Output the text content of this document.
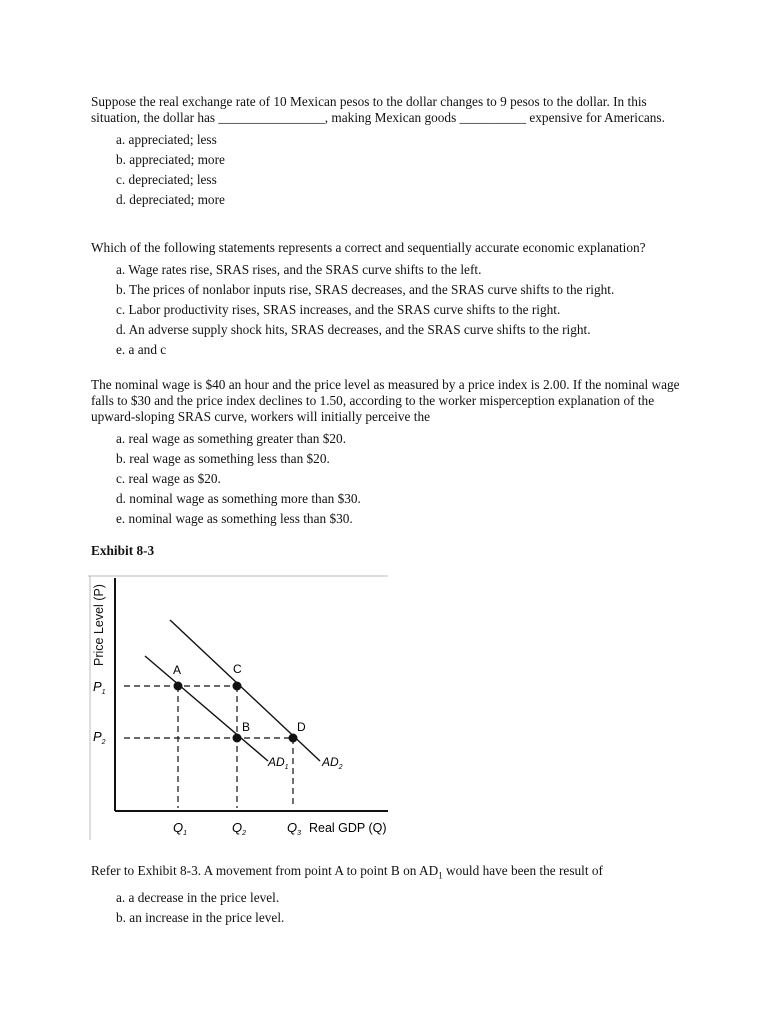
Suppose the real exchange rate of 10 Mexican pesos to the dollar changes to 9 pesos to the dollar. In this situation, the dollar has ________________, making Mexican goods __________ expensive for Americans.

a. appreciated; less
b. appreciated; more
c. depreciated; less
d. depreciated; more

Which of the following statements represents a correct and sequentially accurate economic explanation?

a. Wage rates rise, SRAS rises, and the SRAS curve shifts to the left.
b. The prices of nonlabor inputs rise, SRAS decreases, and the SRAS curve shifts to the right.
c. Labor productivity rises, SRAS increases, and the SRAS curve shifts to the right.
d. An adverse supply shock hits, SRAS decreases, and the SRAS curve shifts to the right.
e. a and c

The nominal wage is $40 an hour and the price level as measured by a price index is 2.00. If the nominal wage falls to $30 and the price index declines to 1.50, according to the worker misperception explanation of the upward-sloping SRAS curve, workers will initially perceive the

a. real wage as something greater than $20.
b. real wage as something less than $20.
c. real wage as $20.
d. nominal wage as something more than $30.
e. nominal wage as something less than $30.
Exhibit 8-3
Price Level (P)
$P_1$
$P_2$
A	C
B	D
$AD_1$	$AD_2$
$Q_1$	$Q_2$	$Q_3$ Real GDP (Q)

Refer to Exhibit 8-3. A movement from point A to point B on $AD_1$ would have been the result of

a. a decrease in the price level.
b. an increase in the price level.
